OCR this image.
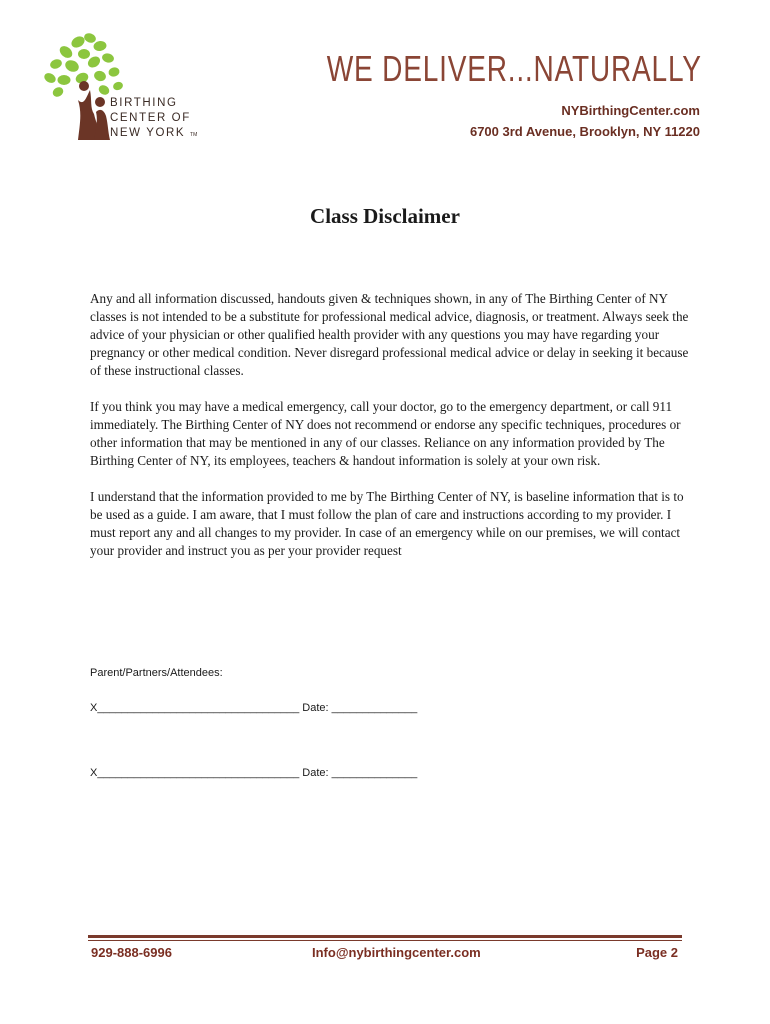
BIRTHING
CENTER OF
NEW YORK TM
WE DELIVER...NATURALLY
NYBirthingCenter.com
6700 3rd Avenue, Brooklyn, NY 11220
Class Disclaimer

Any and all information discussed, handouts given & techniques shown, in any of The Birthing Center of NY classes is not intended to be a substitute for professional medical advice, diagnosis, or treatment. Always seek the advice of your physician or other qualified health provider with any questions you may have regarding your pregnancy or other medical condition. Never disregard professional medical advice or delay in seeking it because of these instructional classes.

If you think you may have a medical emergency, call your doctor, go to the emergency department, or call 911 immediately. The Birthing Center of NY does not recommend or endorse any specific techniques, procedures or other information that may be mentioned in any of our classes. Reliance on any information provided by The Birthing Center of NY, its employees, teachers & handout information is solely at your own risk.

I understand that the information provided to me by The Birthing Center of NY, is baseline information that is to be used as a guide. I am aware, that I must follow the plan of care and instructions according to my provider. I must report any and all changes to my provider. In case of an emergency while on our premises, we will contact your provider and instruct you as per your provider request

Parent/Partners/Attendees:
X_________________________________ Date: ______________
X_________________________________ Date: ______________
929-888-6996	Info@nybirthingcenter.com	Page 2
